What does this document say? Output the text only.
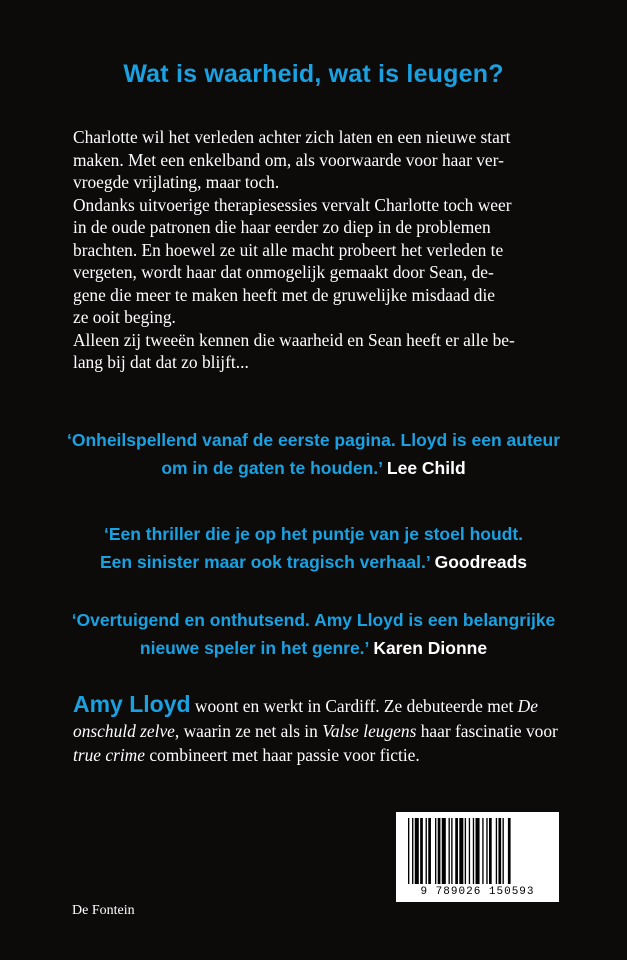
Wat is waarheid, wat is leugen?

Charlotte wil het verleden achter zich laten en een nieuwe start
maken. Met een enkelband om, als voorwaarde voor haar ver-
vroegde vrijlating, maar toch.

Ondanks uitvoerige therapiesessies vervalt Charlotte toch weer
in de oude patronen die haar eerder zo diep in de problemen
brachten. En hoewel ze uit alle macht probeert het verleden te
vergeten, wordt haar dat onmogelijk gemaakt door Sean, de-
gene die meer te maken heeft met de gruwelijke misdaad die
ze ooit beging.

Alleen zij tweeën kennen die waarheid en Sean heeft er alle be-
lang bij dat dat zo blijft...

‘Onheilspellend vanaf de eerste pagina. Lloyd is een auteur
om in de gaten te houden.’ Lee Child

‘Een thriller die je op het puntje van je stoel houdt.
Een sinister maar ook tragisch verhaal.’ Goodreads

‘Overtuigend en onthutsend. Amy Lloyd is een belangrijke
nieuwe speler in het genre.’ Karen Dionne

Amy Lloyd woont en werkt in Cardiff. Ze debuteerde met De onschuld zelve, waarin ze net als in Valse leugens haar fascinatie voor true crime combineert met haar passie voor fictie.

9 789026 150593
De Fontein
